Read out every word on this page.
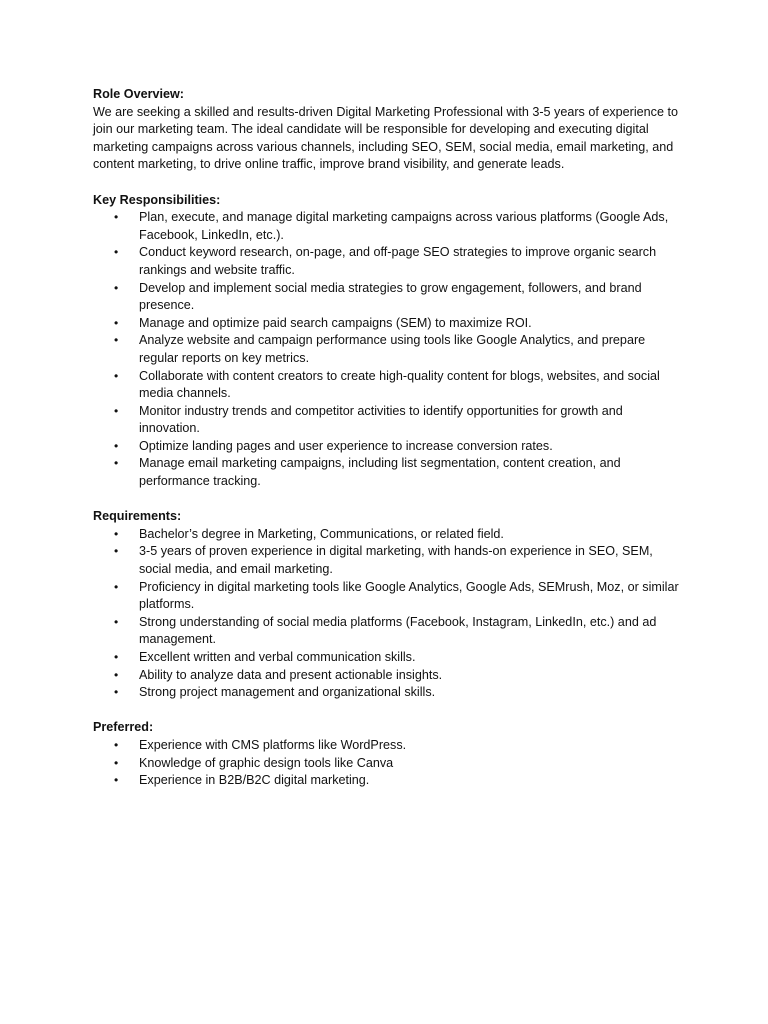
Role Overview:

We are seeking a skilled and results-driven Digital Marketing Professional with 3-5 years of experience to join our marketing team. The ideal candidate will be responsible for developing and executing digital marketing campaigns across various channels, including SEO, SEM, social media, email marketing, and content marketing, to drive online traffic, improve brand visibility, and generate leads.

Key Responsibilities:

• Plan, execute, and manage digital marketing campaigns across various platforms (Google Ads, Facebook, LinkedIn, etc.).
• Conduct keyword research, on-page, and off-page SEO strategies to improve organic search rankings and website traffic.
• Develop and implement social media strategies to grow engagement, followers, and brand presence.
• Manage and optimize paid search campaigns (SEM) to maximize ROI.
• Analyze website and campaign performance using tools like Google Analytics, and prepare regular reports on key metrics.
• Collaborate with content creators to create high-quality content for blogs, websites, and social media channels.
• Monitor industry trends and competitor activities to identify opportunities for growth and innovation.
• Optimize landing pages and user experience to increase conversion rates.
• Manage email marketing campaigns, including list segmentation, content creation, and performance tracking.

Requirements:

• Bachelor’s degree in Marketing, Communications, or related field.
• 3-5 years of proven experience in digital marketing, with hands-on experience in SEO, SEM, social media, and email marketing.
• Proficiency in digital marketing tools like Google Analytics, Google Ads, SEMrush, Moz, or similar platforms.
• Strong understanding of social media platforms (Facebook, Instagram, LinkedIn, etc.) and ad management.
• Excellent written and verbal communication skills.
• Ability to analyze data and present actionable insights.
• Strong project management and organizational skills.

Preferred:

• Experience with CMS platforms like WordPress.
• Knowledge of graphic design tools like Canva
• Experience in B2B/B2C digital marketing.
